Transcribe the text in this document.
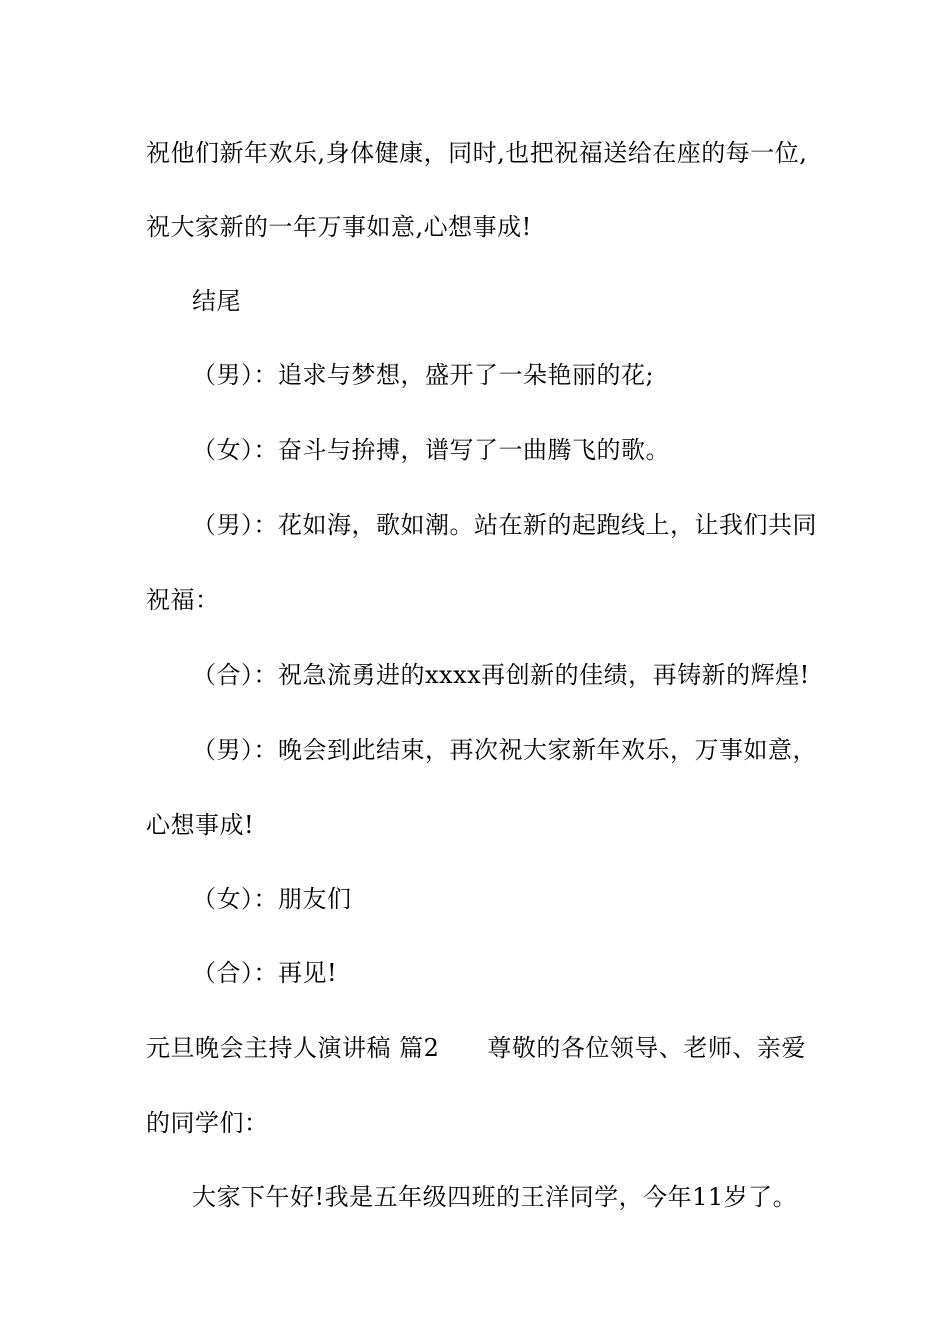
祝他们新年欢乐,身体健康，同时,也把祝福送给在座的每一位,
祝大家新的一年万事如意,心想事成!
结尾
（男）：追求与梦想，盛开了一朵艳丽的花;
（女）：奋斗与拚搏，谱写了一曲腾飞的歌。
（男）：花如海，歌如潮。站在新的起跑线上，让我们共同
祝福：
（合）：祝急流勇进的xxxx再创新的佳绩，再铸新的辉煌!
（男）：晚会到此结束，再次祝大家新年欢乐，万事如意，
心想事成!
（女）：朋友们
（合）：再见!
元旦晚会主持人演讲稿 篇2 尊敬的各位领导、老师、亲爱
的同学们：
大家下午好!我是五年级四班的王洋同学，今年11岁了。
